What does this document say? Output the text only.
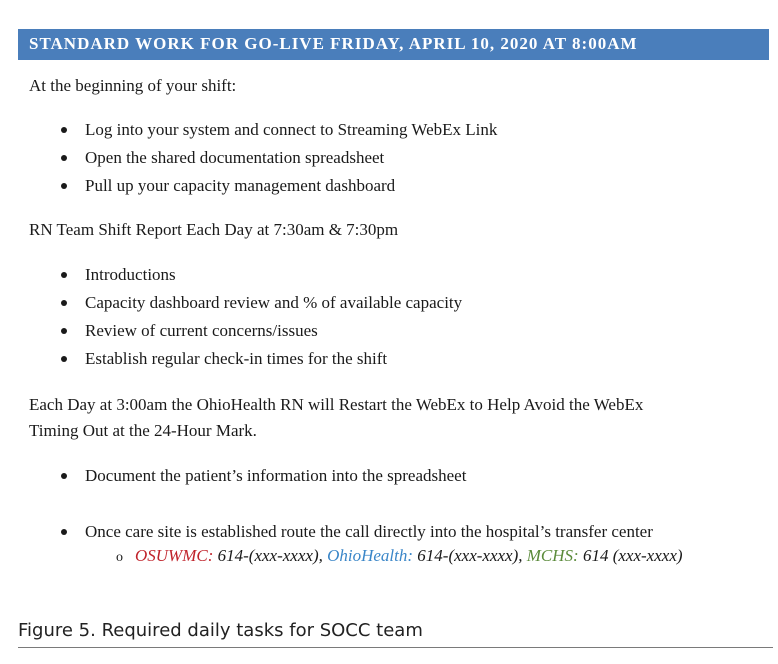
STANDARD WORK FOR GO-LIVE FRIDAY, APRIL 10, 2020 AT 8:00AM
At the beginning of your shift:
Log into your system and connect to Streaming WebEx Link
Open the shared documentation spreadsheet
Pull up your capacity management dashboard
RN Team Shift Report Each Day at 7:30am & 7:30pm
Introductions
Capacity dashboard review and % of available capacity
Review of current concerns/issues
Establish regular check-in times for the shift
Each Day at 3:00am the OhioHealth RN will Restart the WebEx to Help Avoid the WebEx
Timing Out at the 24-Hour Mark.
Document the patient’s information into the spreadsheet
Once care site is established route the call directly into the hospital’s transfer center
o OSUWMC: 614-(xxx-xxxx), OhioHealth: 614-(xxx-xxxx), MCHS: 614 (xxx-xxxx)
Figure 5. Required daily tasks for SOCC team
